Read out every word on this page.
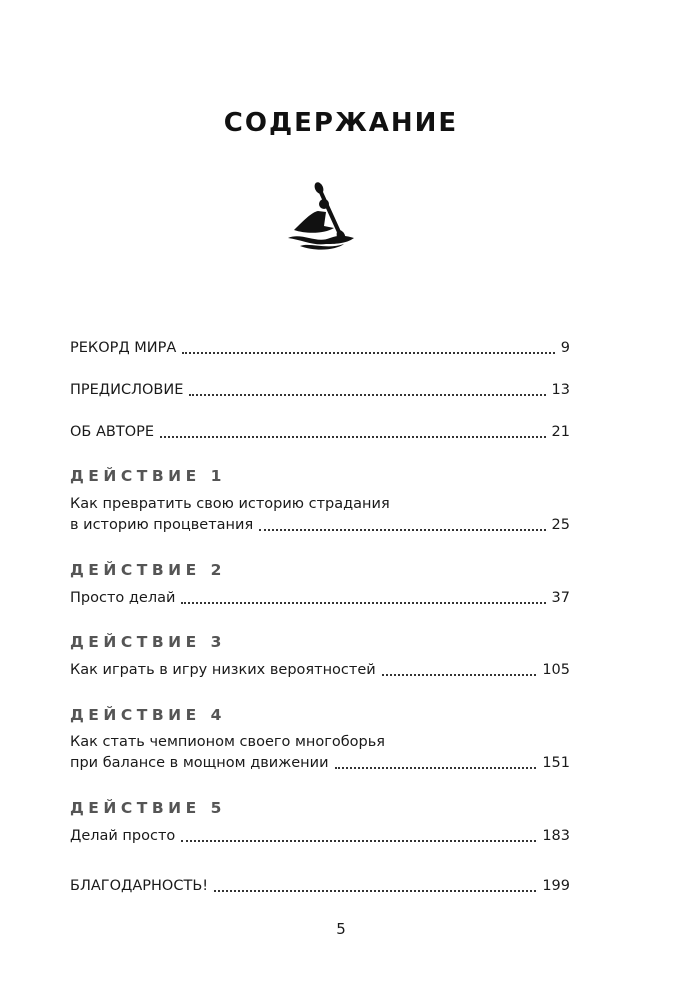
СОДЕРЖАНИЕ
РЕКОРД МИРА	9
ПРЕДИСЛОВИЕ	13
ОБ АВТОРЕ	21
ДЕЙСТВИЕ 1
Как превратить свою историю страдания
в историю процветания	25
ДЕЙСТВИЕ 2
Просто делай	37
ДЕЙСТВИЕ 3
Как играть в игру низких вероятностей	105
ДЕЙСТВИЕ 4
Как стать чемпионом своего многоборья
при балансе в мощном движении	151
ДЕЙСТВИЕ 5
Делай просто	183
БЛАГОДАРНОСТЬ!	199
5
